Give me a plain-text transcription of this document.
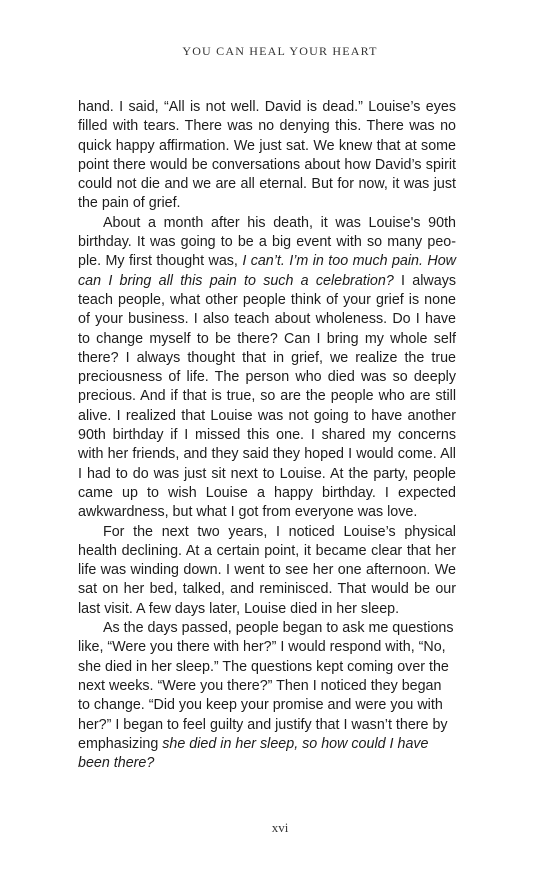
YOU CAN HEAL YOUR HEART

hand. I said, “All is not well. David is dead.” Louise’s eyes filled with tears. There was no denying this. There was no quick happy affirmation. We just sat. We knew that at some point there would be conversations about how David’s spirit could not die and we are all eternal. But for now, it was just the pain of grief.

About a month after his death, it was Louise's 90th birthday. It was going to be a big event with so many people. My first thought was, I can’t. I’m in too much pain. How can I bring all this pain to such a celebration? I always teach people, what other people think of your grief is none of your business. I also teach about wholeness. Do I have to change myself to be there? Can I bring my whole self there? I always thought that in grief, we realize the true preciousness of life. The person who died was so deeply precious. And if that is true, so are the people who are still alive. I realized that Louise was not going to have another 90th birthday if I missed this one. I shared my concerns with her friends, and they said they hoped I would come. All I had to do was just sit next to Louise. At the party, people came up to wish Louise a happy birthday. I expected awkwardness, but what I got from everyone was love.

For the next two years, I noticed Louise’s physical health declining. At a certain point, it became clear that her life was winding down. I went to see her one afternoon. We sat on her bed, talked, and reminisced. That would be our last visit. A few days later, Louise died in her sleep.

As the days passed, people began to ask me questions like, “Were you there with her?” I would respond with, “No, she died in her sleep.” The questions kept coming over the next weeks. “Were you there?” Then I noticed they began to change. “Did you keep your promise and were you with her?” I began to feel guilty and justify that I wasn’t there by emphasizing she died in her sleep, so how could I have been there?

xvi
